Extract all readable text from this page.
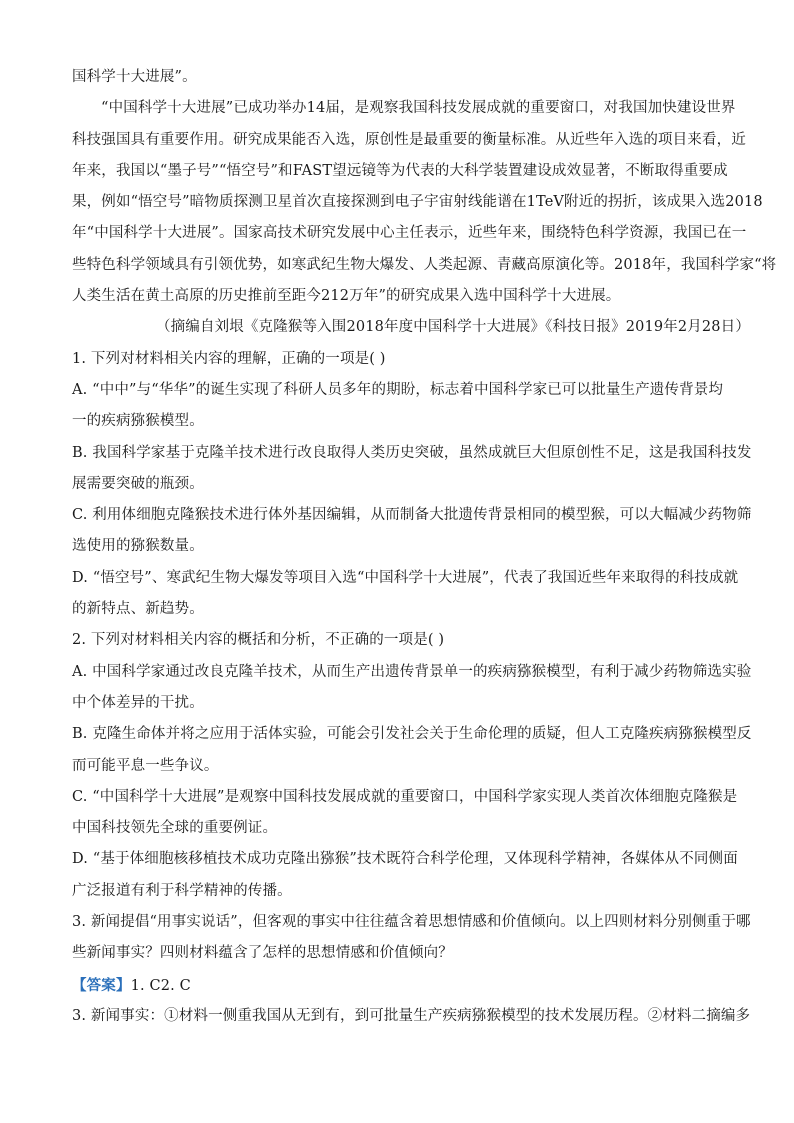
国科学十大进展”。
“中国科学十大进展”已成功举办14届，是观察我国科技发展成就的重要窗口，对我国加快建设世界
科技强国具有重要作用。研究成果能否入选，原创性是最重要的衡量标准。从近些年入选的项目来看，近
年来，我国以“墨子号”“悟空号”和FAST望远镜等为代表的大科学装置建设成效显著，不断取得重要成
果，例如“悟空号”暗物质探测卫星首次直接探测到电子宇宙射线能谱在1TeV附近的拐折，该成果入选2018
年“中国科学十大进展”。国家高技术研究发展中心主任表示，近些年来，围绕特色科学资源，我国已在一
些特色科学领域具有引领优势，如寒武纪生物大爆发、人类起源、青藏高原演化等。2018年，我国科学家“将
人类生活在黄土高原的历史推前至距今212万年”的研究成果入选中国科学十大进展。
（摘编自刘垠《克隆猴等入围2018年度中国科学十大进展》《科技日报》2019年2月28日）
1. 下列对材料相关内容的理解，正确的一项是( )
A. “中中”与“华华”的诞生实现了科研人员多年的期盼，标志着中国科学家已可以批量生产遗传背景均
一的疾病猕猴模型。
B. 我国科学家基于克隆羊技术进行改良取得人类历史突破，虽然成就巨大但原创性不足，这是我国科技发
展需要突破的瓶颈。
C. 利用体细胞克隆猴技术进行体外基因编辑，从而制备大批遗传背景相同的模型猴，可以大幅减少药物筛
选使用的猕猴数量。
D. “悟空号”、寒武纪生物大爆发等项目入选“中国科学十大进展”，代表了我国近些年来取得的科技成就
的新特点、新趋势。
2. 下列对材料相关内容的概括和分析，不正确的一项是( )
A. 中国科学家通过改良克隆羊技术，从而生产出遗传背景单一的疾病猕猴模型，有利于减少药物筛选实验
中个体差异的干扰。
B. 克隆生命体并将之应用于活体实验，可能会引发社会关于生命伦理的质疑，但人工克隆疾病猕猴模型反
而可能平息一些争议。
C. “中国科学十大进展”是观察中国科技发展成就的重要窗口，中国科学家实现人类首次体细胞克隆猴是
中国科技领先全球的重要例证。
D. “基于体细胞核移植技术成功克隆出猕猴”技术既符合科学伦理，又体现科学精神，各媒体从不同侧面
广泛报道有利于科学精神的传播。
3. 新闻提倡“用事实说话”，但客观的事实中往往蕴含着思想情感和价值倾向。以上四则材料分别侧重于哪
些新闻事实？四则材料蕴含了怎样的思想情感和价值倾向？
【答案】1. C2. C
3. 新闻事实：①材料一侧重我国从无到有，到可批量生产疾病猕猴模型的技术发展历程。②材料二摘编多
